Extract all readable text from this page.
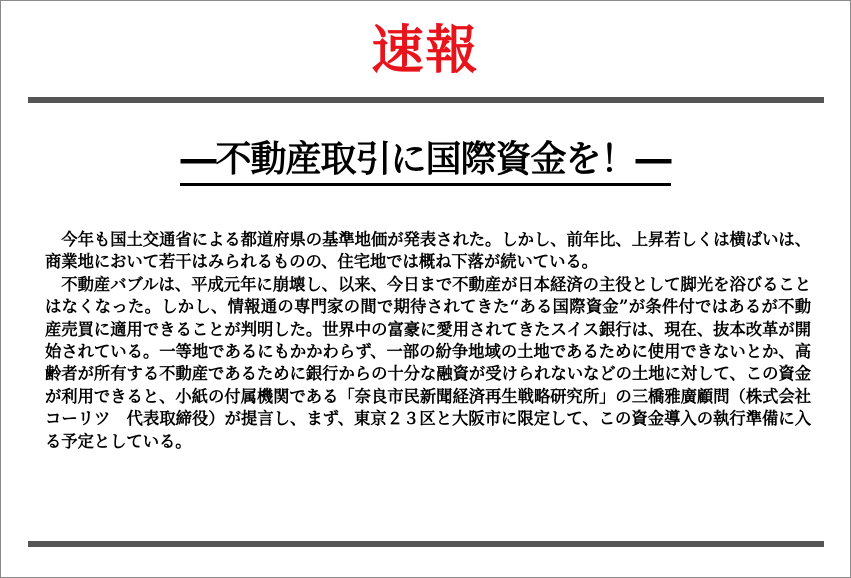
速報
―不動産取引に国際資金を！―

今年も国土交通省による都道府県の基準地価が発表された。しかし、前年比、上昇若しくは横ばいは、商業地において若干はみられるものの、住宅地では概ね下落が続いている。

不動産バブルは、平成元年に崩壊し、以来、今日まで不動産が日本経済の主役として脚光を浴びることはなくなった。しかし、情報通の専門家の間で期待されてきた“ある国際資金”が条件付ではあるが不動産売買に適用できることが判明した。世界中の富豪に愛用されてきたスイス銀行は、現在、抜本改革が開始されている。一等地であるにもかかわらず、一部の紛争地域の土地であるために使用できないとか、高齢者が所有する不動産であるために銀行からの十分な融資が受けられないなどの土地に対して、この資金が利用できると、小紙の付属機関である「奈良市民新聞経済再生戦略研究所」の三橋雅廣顧問（株式会社　コーリツ　代表取締役）が提言し、まず、東京２３区と大阪市に限定して、この資金導入の執行準備に入る予定としている。
